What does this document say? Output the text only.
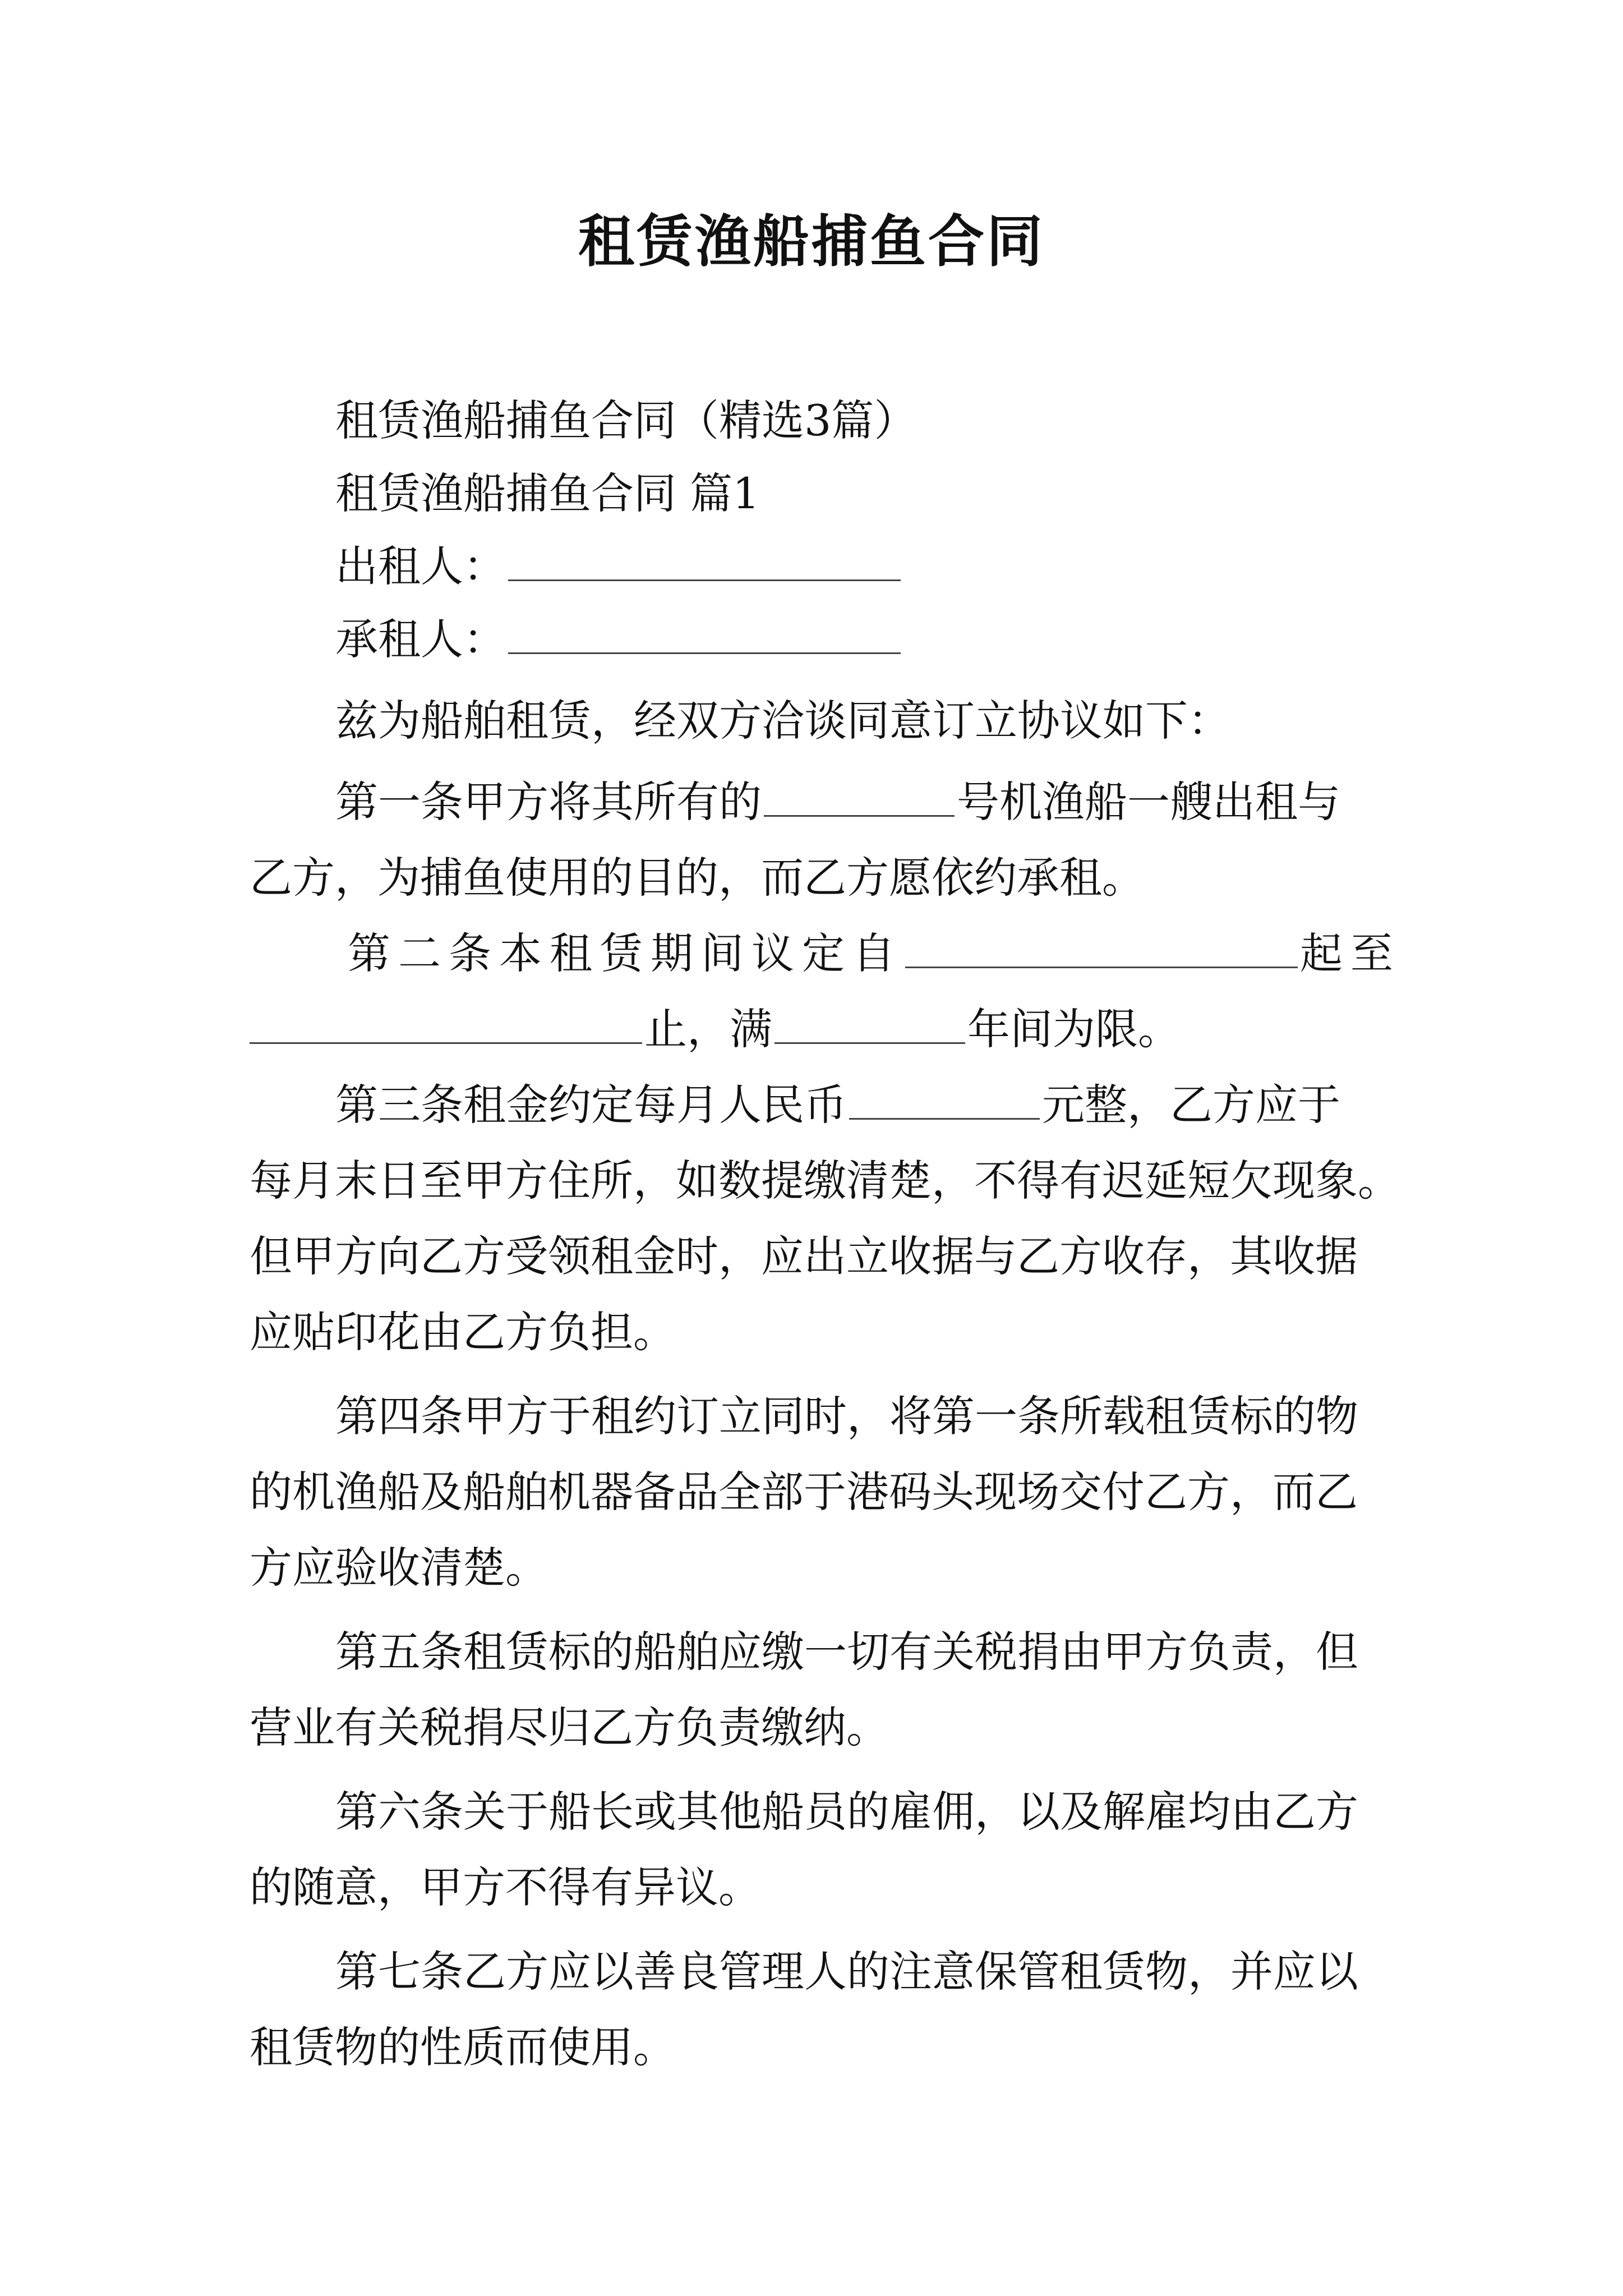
租赁渔船捕鱼合同
租赁渔船捕鱼合同（精选3篇）
租赁渔船捕鱼合同 篇1
出租人：
承租人：
兹为船舶租赁，经双方洽谈同意订立协议如下：
第一条甲方将其所有的	号机渔船一艘出租与
乙方，为捕鱼使用的目的，而乙方愿依约承租。
第二条本租赁期间议定自	起至
止，满	年间为限。
第三条租金约定每月人民币	元整，乙方应于
每月末日至甲方住所，如数提缴清楚，不得有迟延短欠现象。
但甲方向乙方受领租金时，应出立收据与乙方收存，其收据
应贴印花由乙方负担。
第四条甲方于租约订立同时，将第一条所载租赁标的物
的机渔船及船舶机器备品全部于港码头现场交付乙方，而乙
方应验收清楚。
第五条租赁标的船舶应缴一切有关税捐由甲方负责，但
营业有关税捐尽归乙方负责缴纳。
第六条关于船长或其他船员的雇佣，以及解雇均由乙方
的随意，甲方不得有异议。
第七条乙方应以善良管理人的注意保管租赁物，并应以
租赁物的性质而使用。
